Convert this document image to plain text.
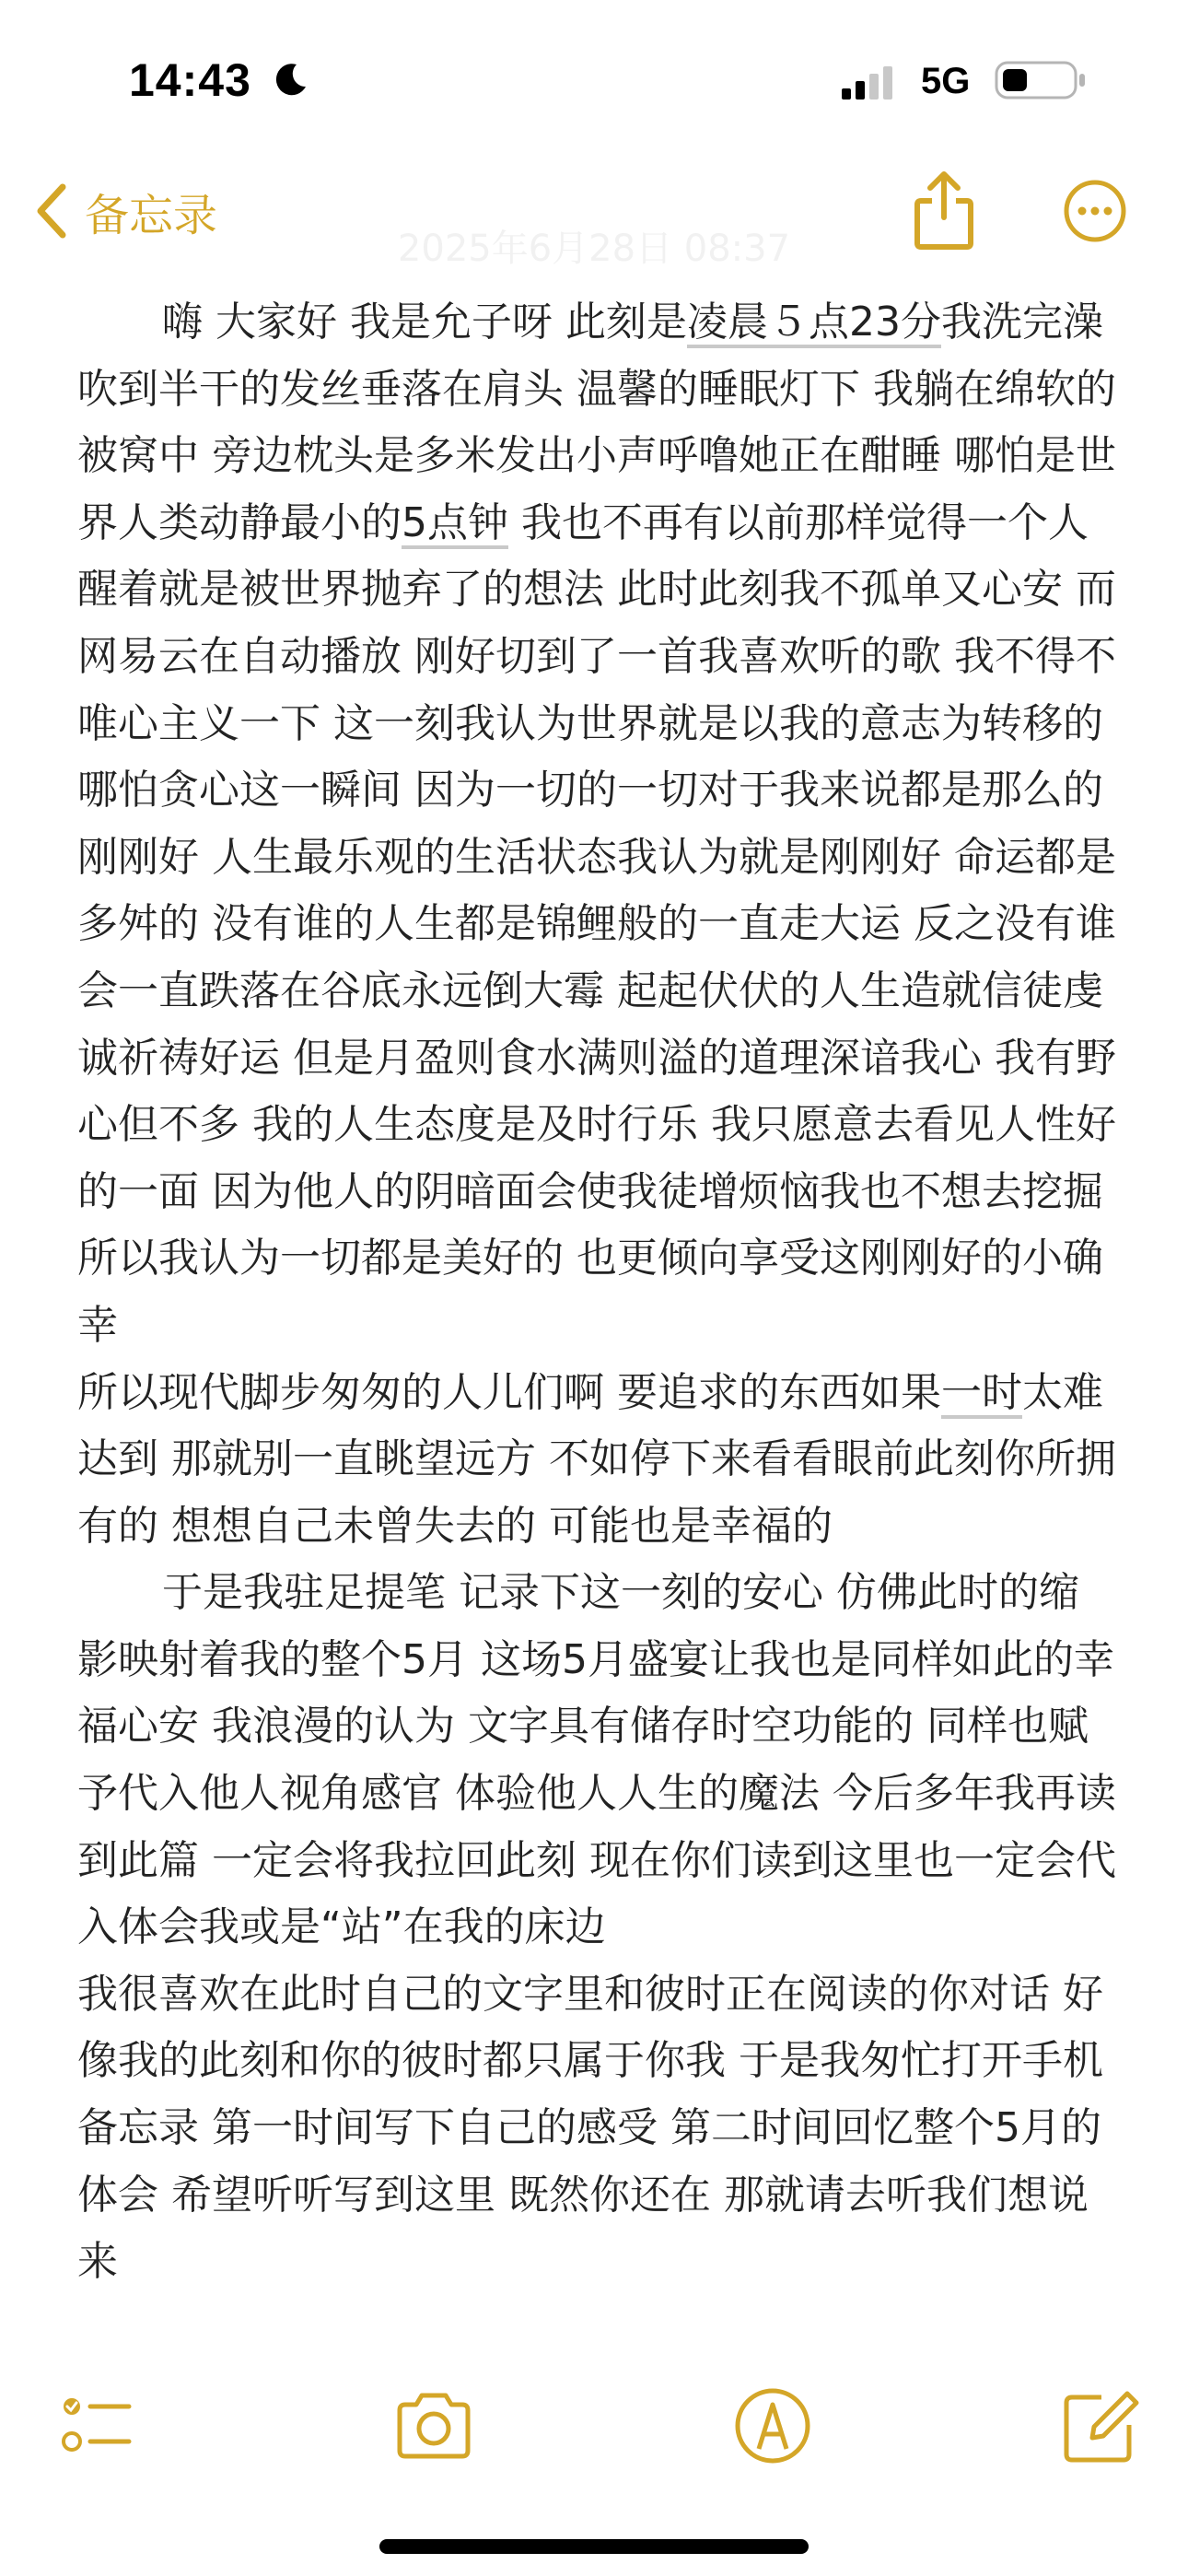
14:43	5G
备忘录
2025年6月28日 08:37

嗨 大家好 我是允子呀 此刻是凌晨５点23分我洗完澡 吹到半干的发丝垂落在肩头 温馨的睡眠灯下 我躺在绵软的被窝中 旁边枕头是多米发出小声呼噜她正在酣睡 哪怕是世界人类动静最小的5点钟 我也不再有以前那样觉得一个人醒着就是被世界抛弃了的想法 此时此刻我不孤单又心安 而网易云在自动播放 刚好切到了一首我喜欢听的歌 我不得不唯心主义一下 这一刻我认为世界就是以我的意志为转移的 哪怕贪心这一瞬间 因为一切的一切对于我来说都是那么的刚刚好 人生最乐观的生活状态我认为就是刚刚好 命运都是多舛的 没有谁的人生都是锦鲤般的一直走大运 反之没有谁会一直跌落在谷底永远倒大霉 起起伏伏的人生造就信徒虔诚祈祷好运 但是月盈则食水满则溢的道理深谙我心 我有野心但不多 我的人生态度是及时行乐 我只愿意去看见人性好的一面 因为他人的阴暗面会使我徒增烦恼我也不想去挖掘 所以我认为一切都是美好的 也更倾向享受这刚刚好的小确幸

所以现代脚步匆匆的人儿们啊 要追求的东西如果一时太难达到 那就别一直眺望远方 不如停下来看看眼前此刻你所拥有的 想想自己未曾失去的 可能也是幸福的

于是我驻足提笔 记录下这一刻的安心 仿佛此时的缩影映射着我的整个5月 这场5月盛宴让我也是同样如此的幸福心安 我浪漫的认为 文字具有储存时空功能的 同样也赋予代入他人视角感官 体验他人人生的魔法 今后多年我再读到此篇 一定会将我拉回此刻 现在你们读到这里也一定会代入体会我或是“站”在我的床边

我很喜欢在此时自己的文字里和彼时正在阅读的你对话 好像我的此刻和你的彼时都只属于你我 于是我匆忙打开手机备忘录 第一时间写下自己的感受 第二时间回忆整个5月的体会 希望听听写到这里 既然你还在 那就请去听我们想说来
